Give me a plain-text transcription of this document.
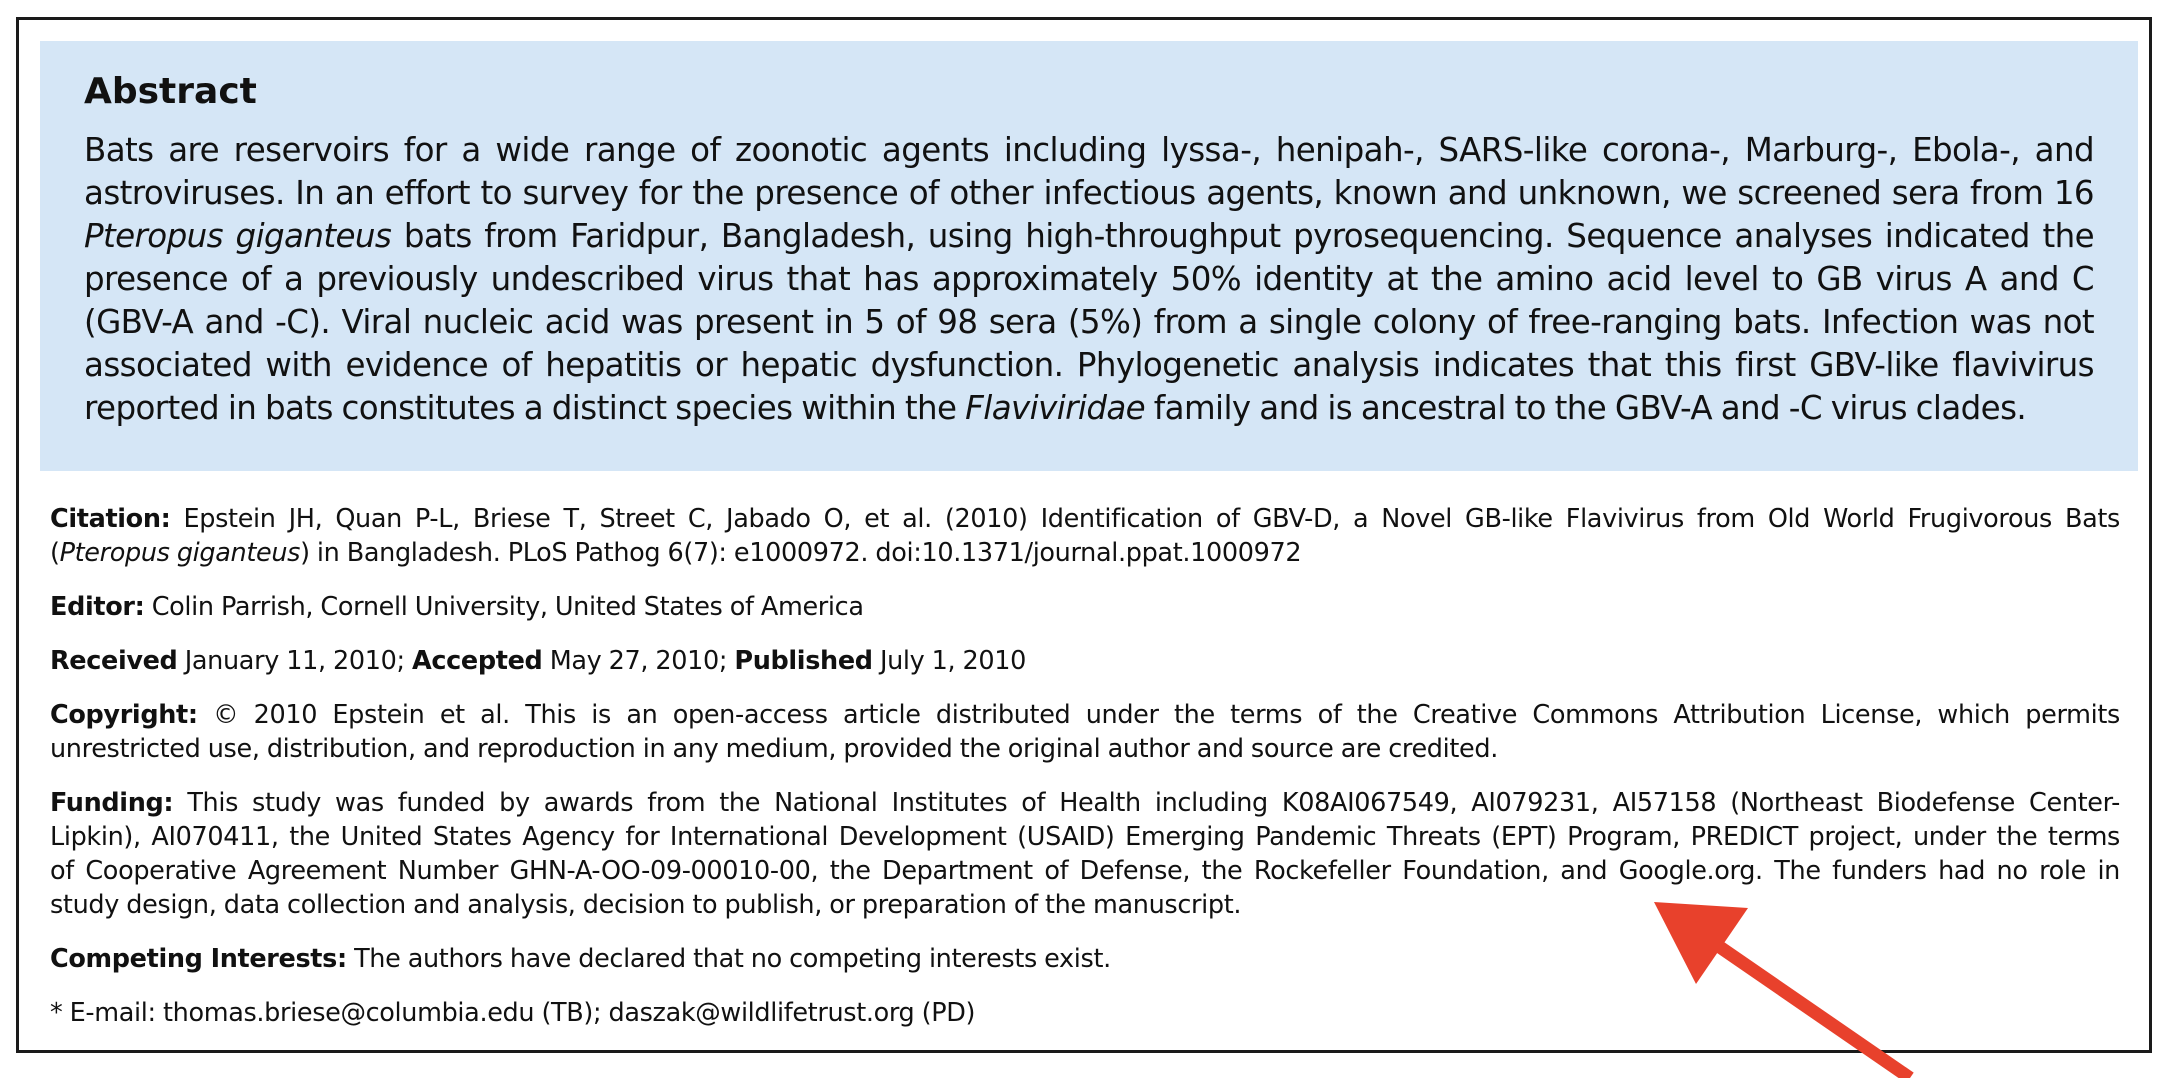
Abstract
Bats are reservoirs for a wide range of zoonotic agents including lyssa-, henipah-, SARS-like corona-, Marburg-, Ebola-, and
astroviruses. In an effort to survey for the presence of other infectious agents, known and unknown, we screened sera from 16
Pteropus giganteus bats from Faridpur, Bangladesh, using high-throughput pyrosequencing. Sequence analyses indicated the
presence of a previously undescribed virus that has approximately 50% identity at the amino acid level to GB virus A and C
(GBV-A and -C). Viral nucleic acid was present in 5 of 98 sera (5%) from a single colony of free-ranging bats. Infection was not
associated with evidence of hepatitis or hepatic dysfunction. Phylogenetic analysis indicates that this first GBV-like flavivirus
reported in bats constitutes a distinct species within the Flaviviridae family and is ancestral to the GBV-A and -C virus clades.
Citation: Epstein JH, Quan P-L, Briese T, Street C, Jabado O, et al. (2010) Identification of GBV-D, a Novel GB-like Flavivirus from Old World Frugivorous Bats
(Pteropus giganteus) in Bangladesh. PLoS Pathog 6(7): e1000972. doi:10.1371/journal.ppat.1000972
Editor: Colin Parrish, Cornell University, United States of America
Received January 11, 2010; Accepted May 27, 2010; Published July 1, 2010
Copyright: © 2010 Epstein et al. This is an open-access article distributed under the terms of the Creative Commons Attribution License, which permits
unrestricted use, distribution, and reproduction in any medium, provided the original author and source are credited.
Funding: This study was funded by awards from the National Institutes of Health including K08AI067549, AI079231, AI57158 (Northeast Biodefense Center-
Lipkin), AI070411, the United States Agency for International Development (USAID) Emerging Pandemic Threats (EPT) Program, PREDICT project, under the terms
of Cooperative Agreement Number GHN-A-OO-09-00010-00, the Department of Defense, the Rockefeller Foundation, and Google.org. The funders had no role in
study design, data collection and analysis, decision to publish, or preparation of the manuscript.
Competing Interests: The authors have declared that no competing interests exist.
* E-mail: thomas.briese@columbia.edu (TB); daszak@wildlifetrust.org (PD)
